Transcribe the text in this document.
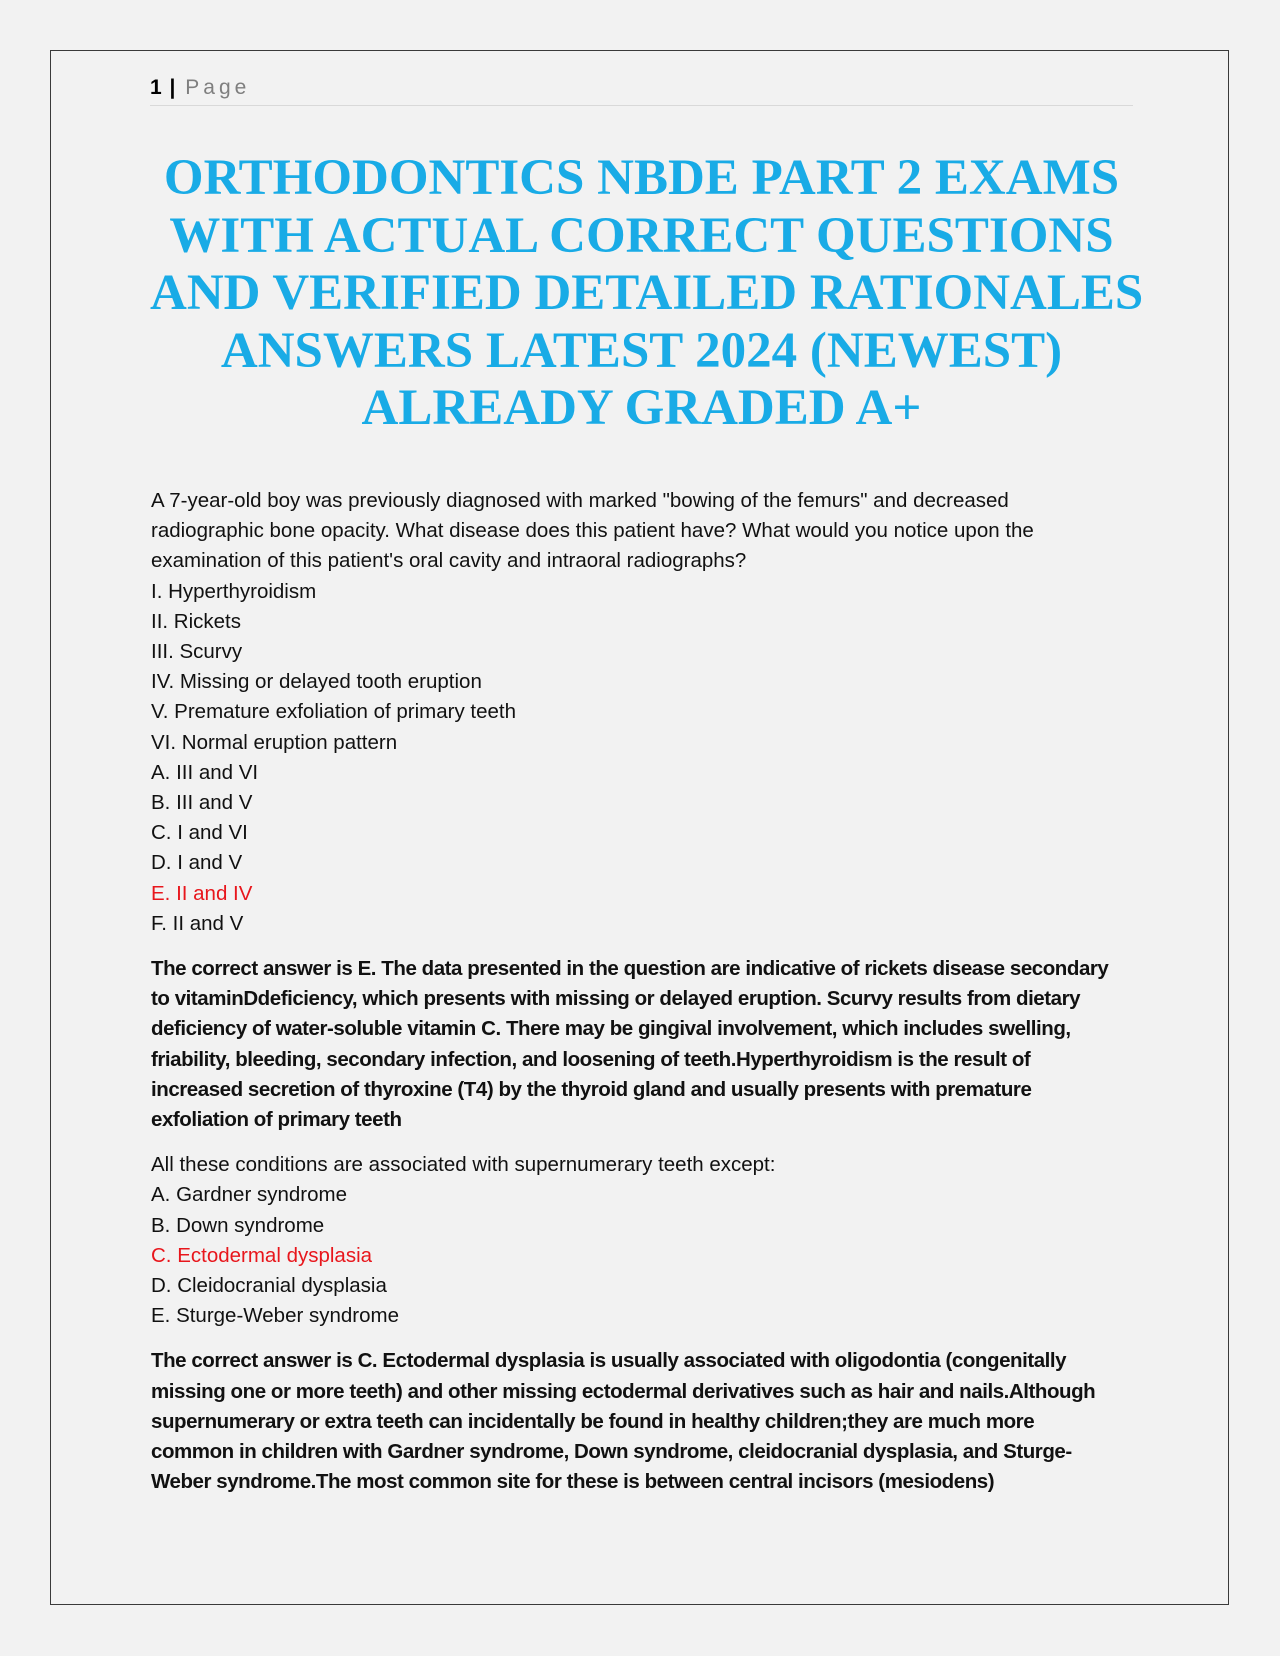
1 | Page
ORTHODONTICS NBDE PART 2 EXAMS
WITH ACTUAL CORRECT QUESTIONS
AND VERIFIED DETAILED RATIONALES
ANSWERS LATEST 2024 (NEWEST)
ALREADY GRADED A+
A 7-year-old boy was previously diagnosed with marked "bowing of the femurs" and decreased
radiographic bone opacity. What disease does this patient have? What would you notice upon the
examination of this patient's oral cavity and intraoral radiographs?
I. Hyperthyroidism
II. Rickets
III. Scurvy
IV. Missing or delayed tooth eruption
V. Premature exfoliation of primary teeth
VI. Normal eruption pattern
A. III and VI
B. III and V
C. I and VI
D. I and V
E. II and IV
F. II and V
The correct answer is E. The data presented in the question are indicative of rickets disease secondary
to vitaminDdeficiency, which presents with missing or delayed eruption. Scurvy results from dietary
deficiency of water-soluble vitamin C. There may be gingival involvement, which includes swelling,
friability, bleeding, secondary infection, and loosening of teeth.Hyperthyroidism is the result of
increased secretion of thyroxine (T4) by the thyroid gland and usually presents with premature
exfoliation of primary teeth
All these conditions are associated with supernumerary teeth except:
A. Gardner syndrome
B. Down syndrome
C. Ectodermal dysplasia
D. Cleidocranial dysplasia
E. Sturge-Weber syndrome
The correct answer is C. Ectodermal dysplasia is usually associated with oligodontia (congenitally
missing one or more teeth) and other missing ectodermal derivatives such as hair and nails.Although
supernumerary or extra teeth can incidentally be found in healthy children;they are much more
common in children with Gardner syndrome, Down syndrome, cleidocranial dysplasia, and Sturge-
Weber syndrome.The most common site for these is between central incisors (mesiodens)
